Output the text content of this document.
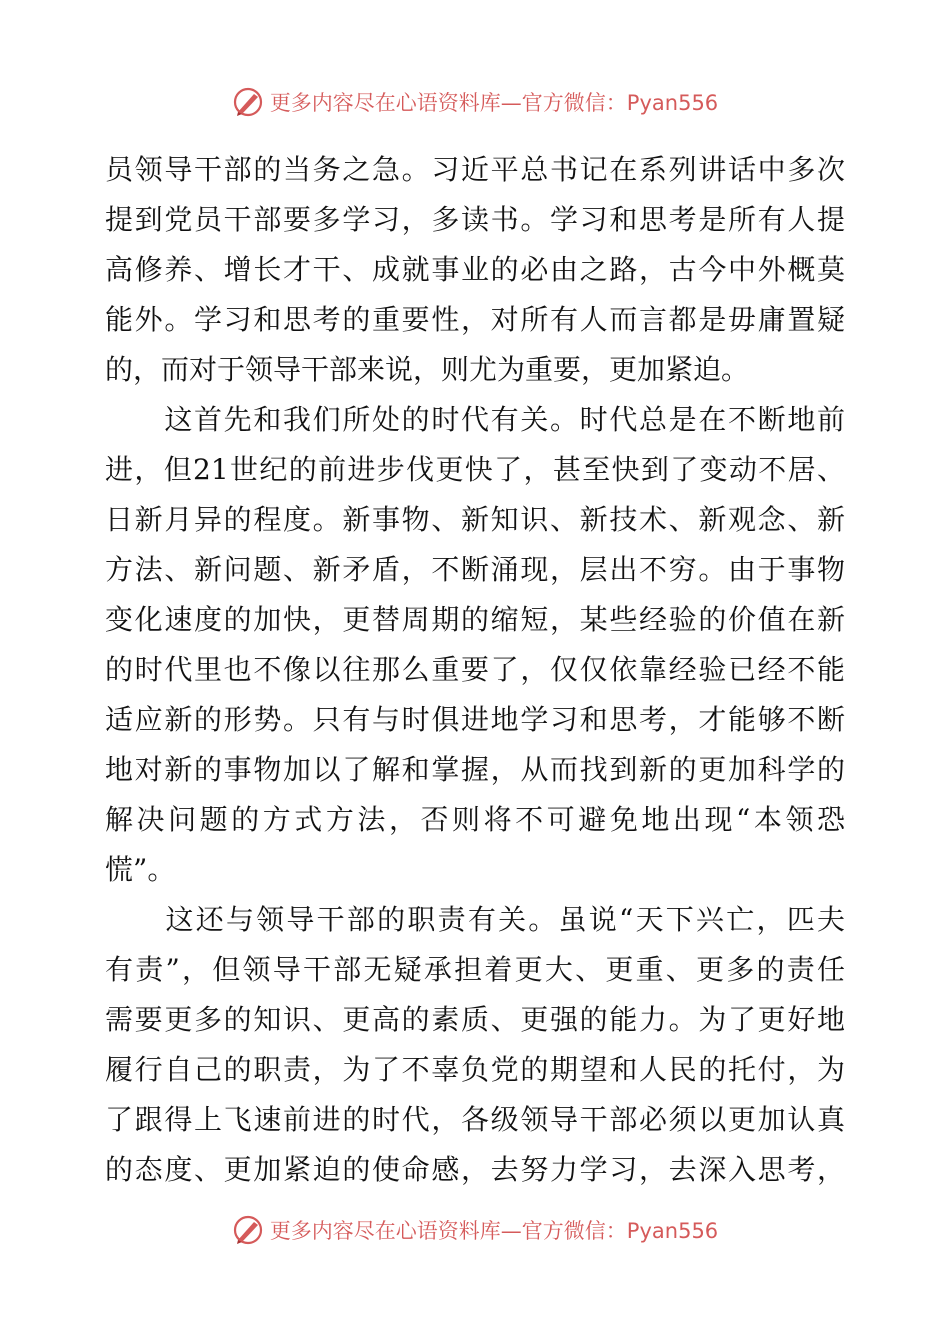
更多内容尽在心语资料库—官方微信：Pyan556
员领导干部的当务之急。习近平总书记在系列讲话中多次
提到党员干部要多学习，多读书。学习和思考是所有人提
高修养、增长才干、成就事业的必由之路，古今中外概莫
能外。学习和思考的重要性，对所有人而言都是毋庸置疑
的，而对于领导干部来说，则尤为重要，更加紧迫。
　　这首先和我们所处的时代有关。时代总是在不断地前
进，但21世纪的前进步伐更快了，甚至快到了变动不居、
日新月异的程度。新事物、新知识、新技术、新观念、新
方法、新问题、新矛盾，不断涌现，层出不穷。由于事物
变化速度的加快，更替周期的缩短，某些经验的价值在新
的时代里也不像以往那么重要了，仅仅依靠经验已经不能
适应新的形势。只有与时俱进地学习和思考，才能够不断
地对新的事物加以了解和掌握，从而找到新的更加科学的
解决问题的方式方法，否则将不可避免地出现“本领恐
慌”。
　　这还与领导干部的职责有关。虽说“天下兴亡，匹夫
有责”，但领导干部无疑承担着更大、更重、更多的责任
需要更多的知识、更高的素质、更强的能力。为了更好地
履行自己的职责，为了不辜负党的期望和人民的托付，为
了跟得上飞速前进的时代，各级领导干部必须以更加认真
的态度、更加紧迫的使命感，去努力学习，去深入思考，
更多内容尽在心语资料库—官方微信：Pyan556
